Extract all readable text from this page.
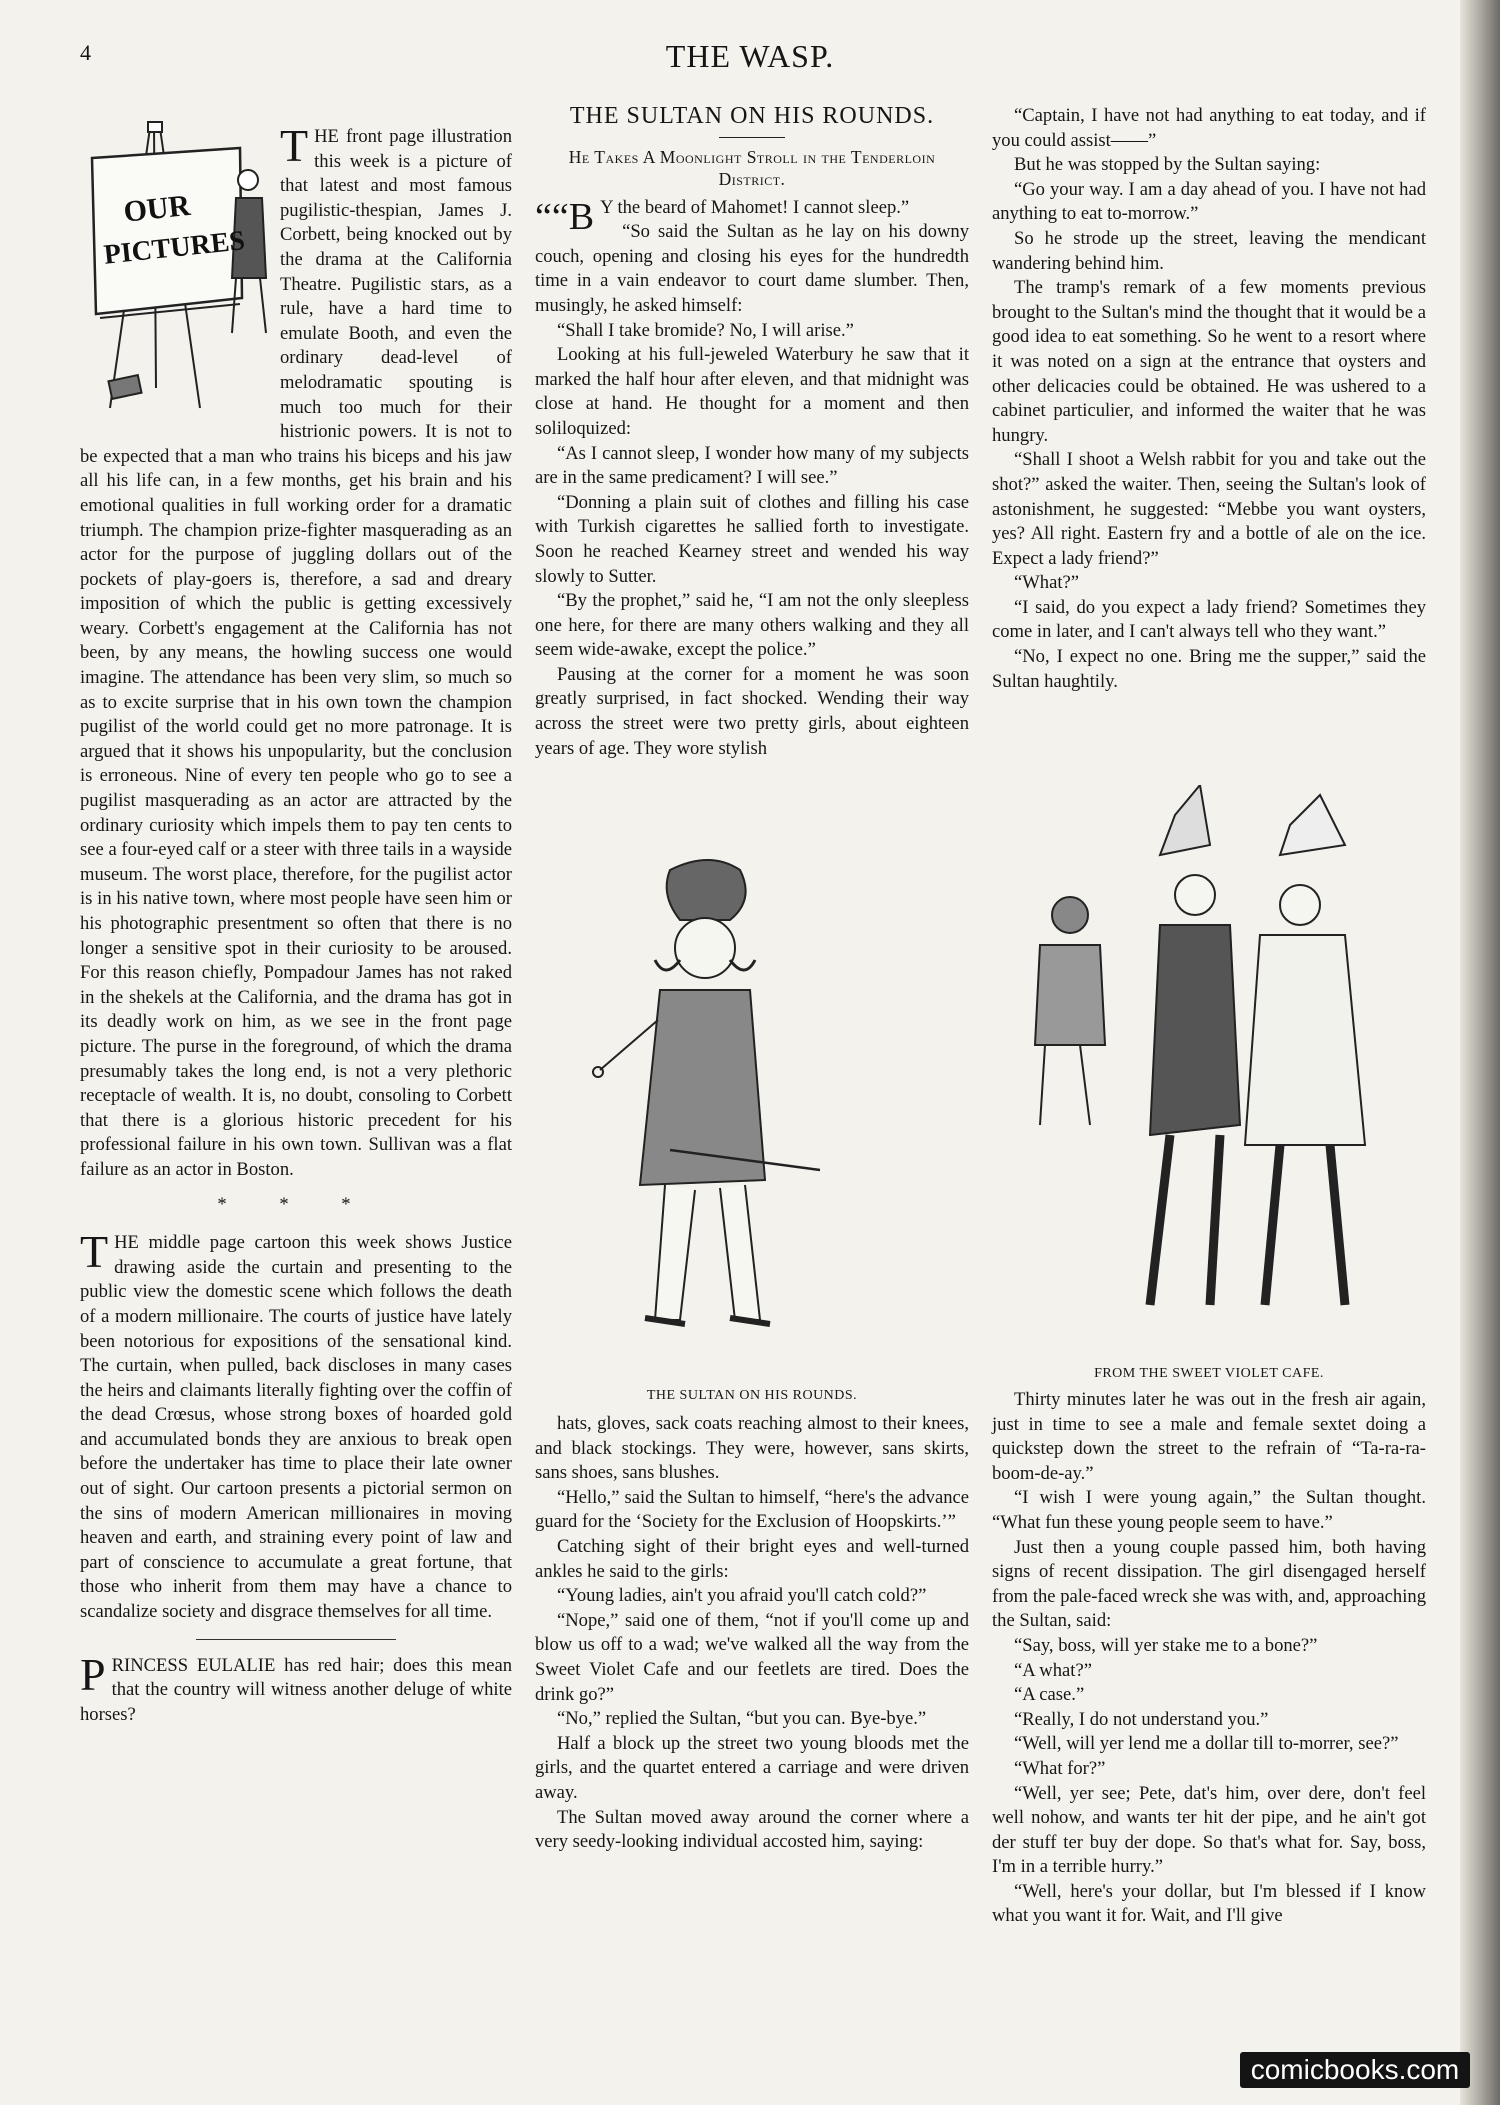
4	THE WASP.
OUR
PICTURES

THE front page illustration this week is a picture of that latest and most famous pugilistic-thespian, James J. Corbett, being knocked out by the drama at the California Theatre. Pugilistic stars, as a rule, have a hard time to emulate Booth, and even the ordinary dead-level of melodramatic spouting is much too much for their histrionic powers. It is not to be expected that a man who trains his biceps and his jaw all his life can, in a few months, get his brain and his emotional qualities in full working order for a dramatic triumph. The champion prize-fighter masquerading as an actor for the purpose of juggling dollars out of the pockets of play-goers is, therefore, a sad and dreary imposition of which the public is getting excessively weary. Corbett's engagement at the California has not been, by any means, the howling success one would imagine. The attendance has been very slim, so much so as to excite surprise that in his own town the champion pugilist of the world could get no more patronage. It is argued that it shows his unpopularity, but the conclusion is erroneous. Nine of every ten people who go to see a pugilist masquerading as an actor are attracted by the ordinary curiosity which impels them to pay ten cents to see a four-eyed calf or a steer with three tails in a wayside museum. The worst place, therefore, for the pugilist actor is in his native town, where most people have seen him or his photographic presentment so often that there is no longer a sensitive spot in their curiosity to be aroused. For this reason chiefly, Pompadour James has not raked in the shekels at the California, and the drama has got in its deadly work on him, as we see in the front page picture. The purse in the foreground, of which the drama presumably takes the long end, is not a very plethoric receptacle of wealth. It is, no doubt, consoling to Corbett that there is a glorious historic precedent for his professional failure in his own town. Sullivan was a flat failure as an actor in Boston.

* * *

THE middle page cartoon this week shows Justice drawing aside the curtain and presenting to the public view the domestic scene which follows the death of a modern millionaire. The courts of justice have lately been notorious for expositions of the sensational kind. The curtain, when pulled, back discloses in many cases the heirs and claimants literally fighting over the coffin of the dead Crœsus, whose strong boxes of hoarded gold and accumulated bonds they are anxious to break open before the undertaker has time to place their late owner out of sight. Our cartoon presents a pictorial sermon on the sins of modern American millionaires in moving heaven and earth, and straining every point of law and part of conscience to accumulate a great fortune, that those who inherit from them may have a chance to scandalize society and disgrace themselves for all time.

PRINCESS EULALIE has red hair; does this mean that the country will witness another deluge of white horses?

THE SULTAN ON HIS ROUNDS.
He Takes A Moonlight Stroll in the Tenderloin District.

““B Y the beard of Mahomet! I cannot sleep.”

“So said the Sultan as he lay on his downy couch, opening and closing his eyes for the hundredth time in a vain endeavor to court dame slumber. Then, musingly, he asked himself:

“Shall I take bromide? No, I will arise.”

Looking at his full-jeweled Waterbury he saw that it marked the half hour after eleven, and that midnight was close at hand. He thought for a moment and then soliloquized:

“As I cannot sleep, I wonder how many of my subjects are in the same predicament? I will see.”

“Donning a plain suit of clothes and filling his case with Turkish cigarettes he sallied forth to investigate. Soon he reached Kearney street and wended his way slowly to Sutter.

“By the prophet,” said he, “I am not the only sleepless one here, for there are many others walking and they all seem wide-awake, except the police.”

Pausing at the corner for a moment he was soon greatly surprised, in fact shocked. Wending their way across the street were two pretty girls, about eighteen years of age. They wore stylish

THE SULTAN ON HIS ROUNDS.

hats, gloves, sack coats reaching almost to their knees, and black stockings. They were, however, sans skirts, sans shoes, sans blushes.

“Hello,” said the Sultan to himself, “here's the advance guard for the ‘Society for the Exclusion of Hoopskirts.’”

Catching sight of their bright eyes and well-turned ankles he said to the girls:

“Young ladies, ain't you afraid you'll catch cold?”

“Nope,” said one of them, “not if you'll come up and blow us off to a wad; we've walked all the way from the Sweet Violet Cafe and our feetlets are tired. Does the drink go?”

“No,” replied the Sultan, “but you can. Bye-bye.”

Half a block up the street two young bloods met the girls, and the quartet entered a carriage and were driven away.

The Sultan moved away around the corner where a very seedy-looking individual accosted him, saying:

“Captain, I have not had anything to eat today, and if you could assist——”

But he was stopped by the Sultan saying:

“Go your way. I am a day ahead of you. I have not had anything to eat to-morrow.”

So he strode up the street, leaving the mendicant wandering behind him.

The tramp's remark of a few moments previous brought to the Sultan's mind the thought that it would be a good idea to eat something. So he went to a resort where it was noted on a sign at the entrance that oysters and other delicacies could be obtained. He was ushered to a cabinet particulier, and informed the waiter that he was hungry.

“Shall I shoot a Welsh rabbit for you and take out the shot?” asked the waiter. Then, seeing the Sultan's look of astonishment, he suggested: “Mebbe you want oysters, yes? All right. Eastern fry and a bottle of ale on the ice. Expect a lady friend?”

“What?”

“I said, do you expect a lady friend? Sometimes they come in later, and I can't always tell who they want.”

“No, I expect no one. Bring me the supper,” said the Sultan haughtily.

FROM THE SWEET VIOLET CAFE.

Thirty minutes later he was out in the fresh air again, just in time to see a male and female sextet doing a quickstep down the street to the refrain of “Ta-ra-ra-boom-de-ay.”

“I wish I were young again,” the Sultan thought. “What fun these young people seem to have.”

Just then a young couple passed him, both having signs of recent dissipation. The girl disengaged herself from the pale-faced wreck she was with, and, approaching the Sultan, said:

“Say, boss, will yer stake me to a bone?”

“A what?”

“A case.”

“Really, I do not understand you.”

“Well, will yer lend me a dollar till to-morrer, see?”

“What for?”

“Well, yer see; Pete, dat's him, over dere, don't feel well nohow, and wants ter hit der pipe, and he ain't got der stuff ter buy der dope. So that's what for. Say, boss, I'm in a terrible hurry.”

“Well, here's your dollar, but I'm blessed if I know what you want it for. Wait, and I'll give

comicbooks.com
